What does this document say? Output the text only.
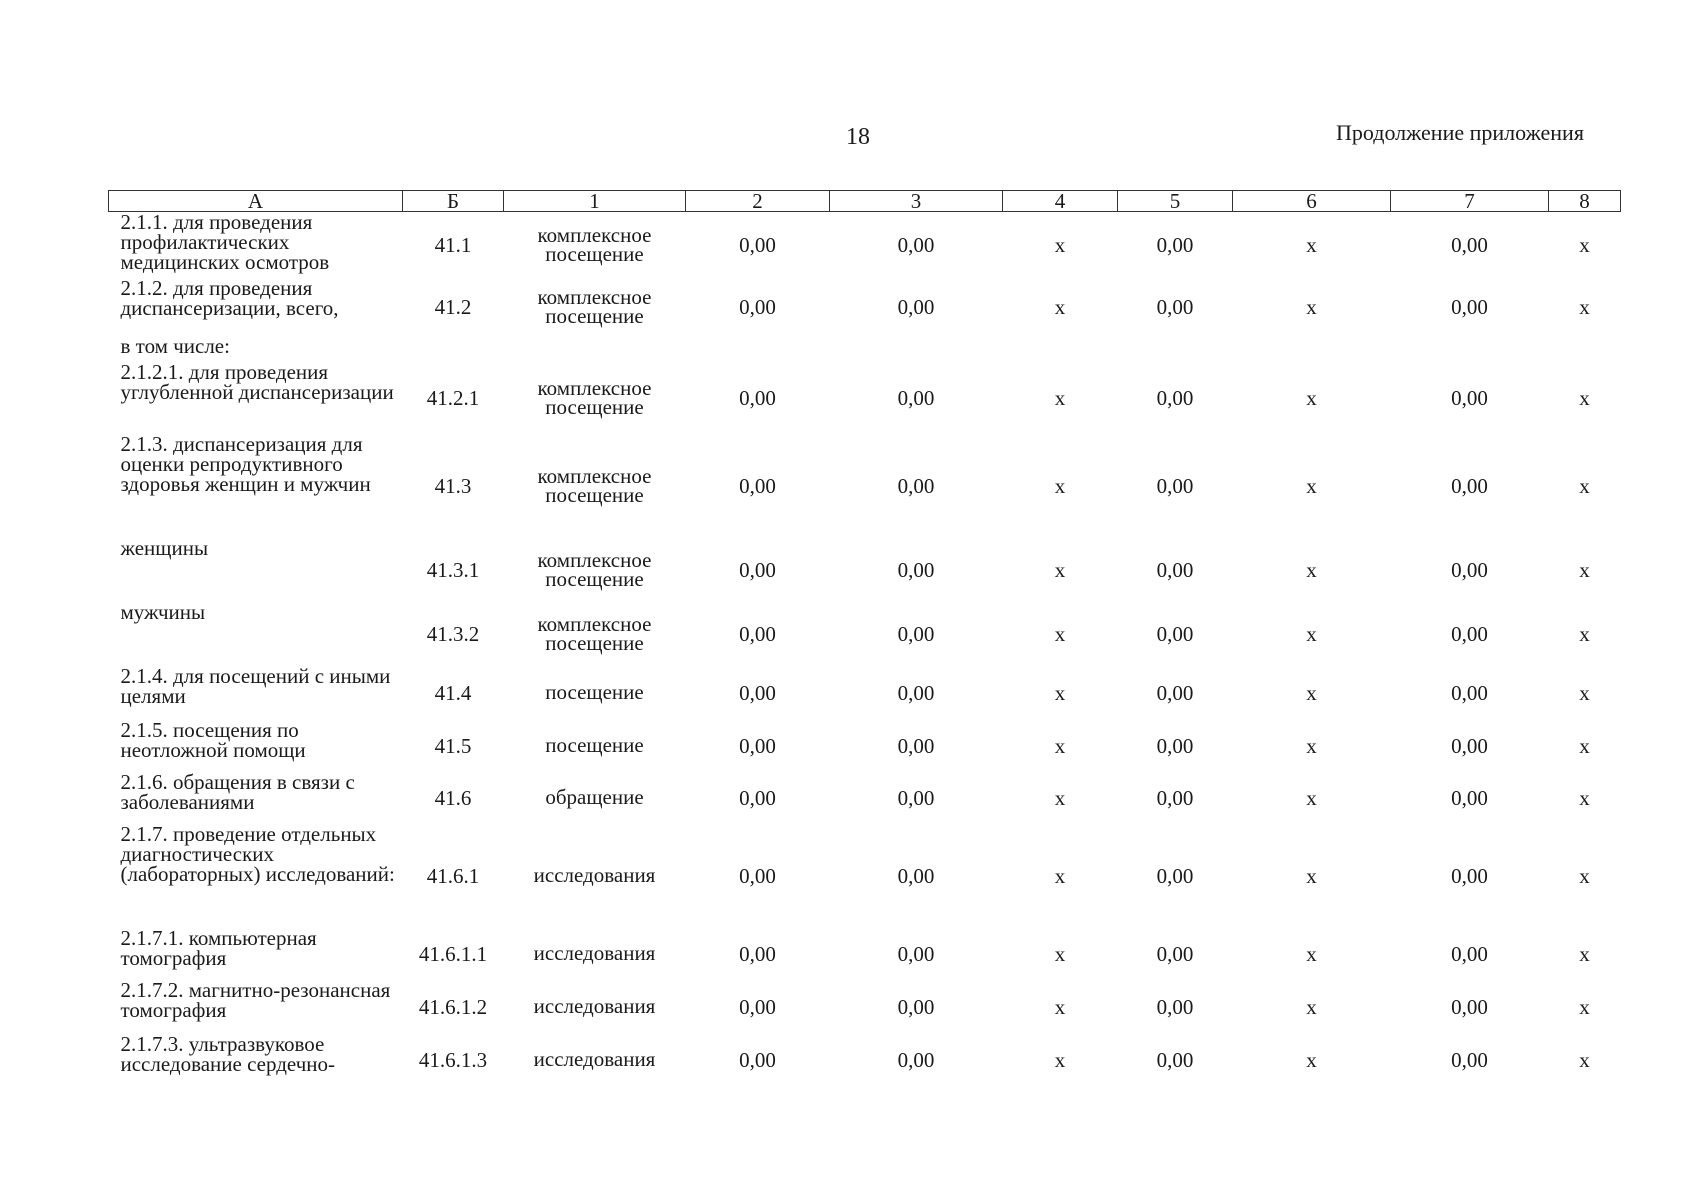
18	Продолжение приложения
А	Б	1	2	3	4	5	6	7	8
2.1.1. для проведения профилактических медицинских осмотров	41.1	комплексное посещение	0,00	0,00	х	0,00	х	0,00	х
2.1.2. для проведения диспансеризации, всего,	41.2	комплексное посещение	0,00	0,00	х	0,00	х	0,00	х
в том числе:									
2.1.2.1. для проведения углубленной диспансеризации	41.2.1	комплексное посещение	0,00	0,00	х	0,00	х	0,00	х
2.1.3. диспансеризация для оценки репродуктивного здоровья женщин и мужчин	41.3	комплексное посещение	0,00	0,00	х	0,00	х	0,00	х
женщины	41.3.1	комплексное посещение	0,00	0,00	х	0,00	х	0,00	х
мужчины	41.3.2	комплексное посещение	0,00	0,00	х	0,00	х	0,00	х
2.1.4. для посещений с иными целями	41.4	посещение	0,00	0,00	х	0,00	х	0,00	х
2.1.5. посещения по неотложной помощи	41.5	посещение	0,00	0,00	х	0,00	х	0,00	х
2.1.6. обращения в связи с заболеваниями	41.6	обращение	0,00	0,00	х	0,00	х	0,00	х
2.1.7. проведение отдельных диагностических (лабораторных) исследований:	41.6.1	исследования	0,00	0,00	х	0,00	х	0,00	х
2.1.7.1. компьютерная томография	41.6.1.1	исследования	0,00	0,00	х	0,00	х	0,00	х
2.1.7.2. магнитно-резонансная томография	41.6.1.2	исследования	0,00	0,00	х	0,00	х	0,00	х
2.1.7.3. ультразвуковое исследование сердечно-	41.6.1.3	исследования	0,00	0,00	х	0,00	х	0,00	х
